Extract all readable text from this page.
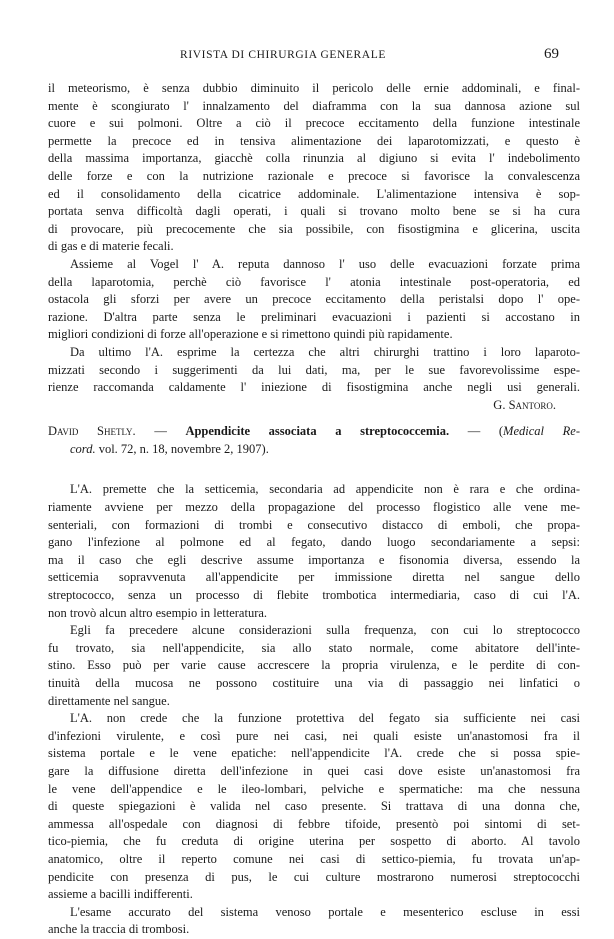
RIVISTA DI CHIRURGIA GENERALE	69
il meteorismo, è senza dubbio diminuito il pericolo delle ernie addominali, e final-
mente è scongiurato l' innalzamento del diaframma con la sua dannosa azione sul
cuore e sui polmoni. Oltre a ciò il precoce eccitamento della funzione intestinale
permette la precoce ed in tensiva alimentazione dei laparotomizzati, e questo è
della massima importanza, giacchè colla rinunzia al digiuno si evita l' indebolimento
delle forze e con la nutrizione razionale e precoce si favorisce la convalescenza
ed il consolidamento della cicatrice addominale. L'alimentazione intensiva è sop-
portata senva difficoltà dagli operati, i quali si trovano molto bene se si ha cura
di provocare, più precocemente che sia possibile, con fisostigmina e glicerina, uscita
di gas e di materie fecali.
Assieme al Vogel l' A. reputa dannoso l' uso delle evacuazioni forzate prima
della laparotomia, perchè ciò favorisce l' atonia intestinale post-operatoria, ed
ostacola gli sforzi per avere un precoce eccitamento della peristalsi dopo l' ope-
razione. D'altra parte senza le preliminari evacuazioni i pazienti si accostano in
migliori condizioni di forze all'operazione e si rimettono quindi più rapidamente.
Da ultimo l'A. esprime la certezza che altri chirurghi trattino i loro laparoto-
mizzati secondo i suggerimenti da lui dati, ma, per le sue favorevolissime espe-
rienze raccomanda caldamente l' iniezione di fisostigmina anche negli usi generali.
G. Santoro.
David Shetly. — Appendicite associata a streptococcemia. — (Medical Re-
cord. vol. 72, n. 18, novembre 2, 1907).
L'A. premette che la setticemia, secondaria ad appendicite non è rara e che ordina-
riamente avviene per mezzo della propagazione del processo flogistico alle vene me-
senteriali, con formazioni di trombi e consecutivo distacco di emboli, che propa-
gano l'infezione al polmone ed al fegato, dando luogo secondariamente a sepsi:
ma il caso che egli descrive assume importanza e fisonomia diversa, essendo la
setticemia sopravvenuta all'appendicite per immissione diretta nel sangue dello
streptococco, senza un processo di flebite trombotica intermediaria, caso di cui l'A.
non trovò alcun altro esempio in letteratura.
Egli fa precedere alcune considerazioni sulla frequenza, con cui lo streptococco
fu trovato, sia nell'appendicite, sia allo stato normale, come abitatore dell'inte-
stino. Esso può per varie cause accrescere la propria virulenza, e le perdite di con-
tinuità della mucosa ne possono costituire una via di passaggio nei linfatici o
direttamente nel sangue.
L'A. non crede che la funzione protettiva del fegato sia sufficiente nei casi
d'infezioni virulente, e così pure nei casi, nei quali esiste un'anastomosi fra il
sistema portale e le vene epatiche: nell'appendicite l'A. crede che si possa spie-
gare la diffusione diretta dell'infezione in quei casi dove esiste un'anastomosi fra
le vene dell'appendice e le ileo-lombari, pelviche e spermatiche: ma che nessuna
di queste spiegazioni è valida nel caso presente. Si trattava di una donna che,
ammessa all'ospedale con diagnosi di febbre tifoide, presentò poi sintomi di set-
tico-piemia, che fu creduta di origine uterina per sospetto di aborto. Al tavolo
anatomico, oltre il reperto comune nei casi di settico-piemia, fu trovata un'ap-
pendicite con presenza di pus, le cui culture mostrarono numerosi streptococchi
assieme a bacilli indifferenti.
L'esame accurato del sistema venoso portale e mesenterico escluse in essi
anche la traccia di trombosi.
